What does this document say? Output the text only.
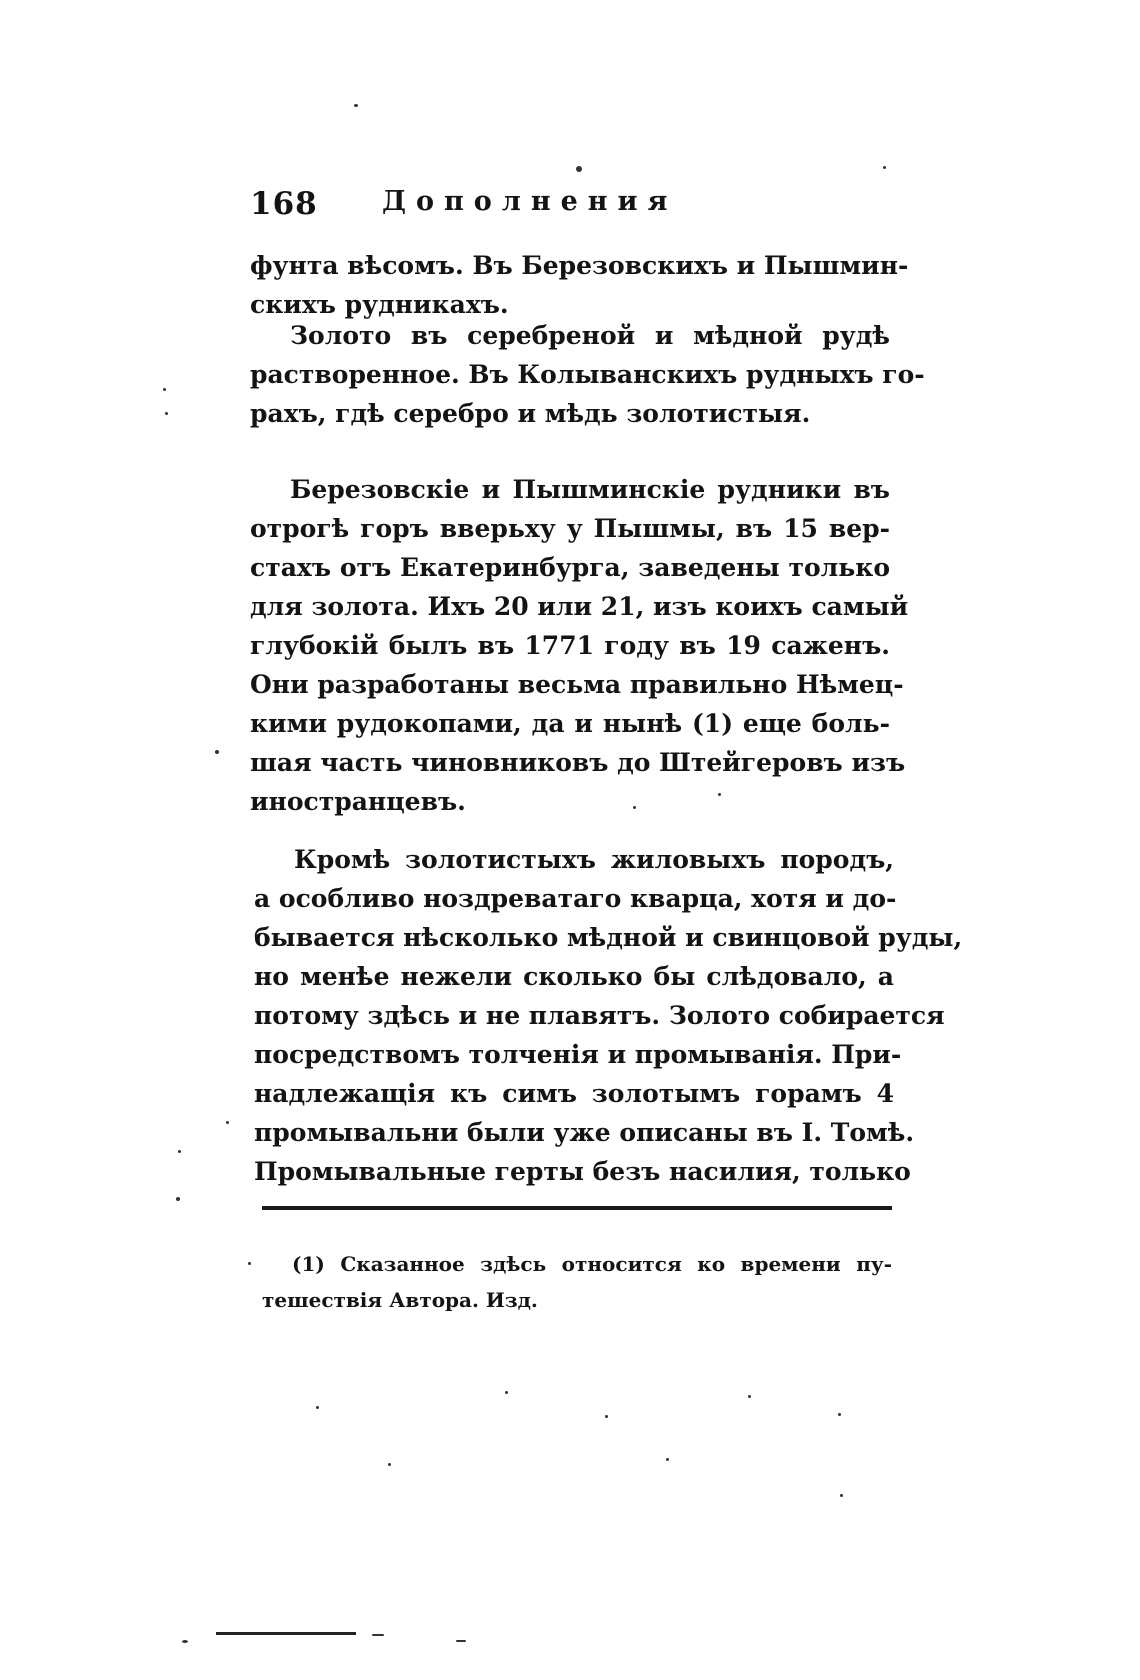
168 Дополнения
фунта вѣсомъ. Въ Березовскихъ и Пышмин-
скихъ рудникахъ.
Золото въ серебреной и мѣдной рудѣ
растворенное. Въ Колыванскихъ рудныхъ го-
рахъ, гдѣ серебро и мѣдь золотистыя.
Березовскіе и Пышминскіе рудники въ
отрогѣ горъ вверьху у Пышмы, въ 15 вер-
стахъ отъ Екатеринбурга, заведены только
для золота. Ихъ 20 или 21, изъ коихъ самый
глубокій былъ въ 1771 году въ 19 саженъ.
Они разработаны весьма правильно Нѣмец-
кими рудокопами, да и нынѣ (1) еще боль-
шая часть чиновниковъ до Штейгеровъ изъ
иностранцевъ.
Кромѣ золотистыхъ жиловыхъ породъ,
а особливо ноздреватаго кварца, хотя и до-
бывается нѣсколько мѣдной и свинцовой руды,
но менѣе нежели сколько бы слѣдовало, а
потому здѣсь и не плавятъ. Золото собирается
посредствомъ толченія и промыванія. При-
надлежащія къ симъ золотымъ горамъ 4
промывальни были уже описаны въ I. Томѣ.
Промывальные герты безъ насилия, только
(1) Сказанное здѣсь относится ко времени пу-
тешествія Автора. Изд.
